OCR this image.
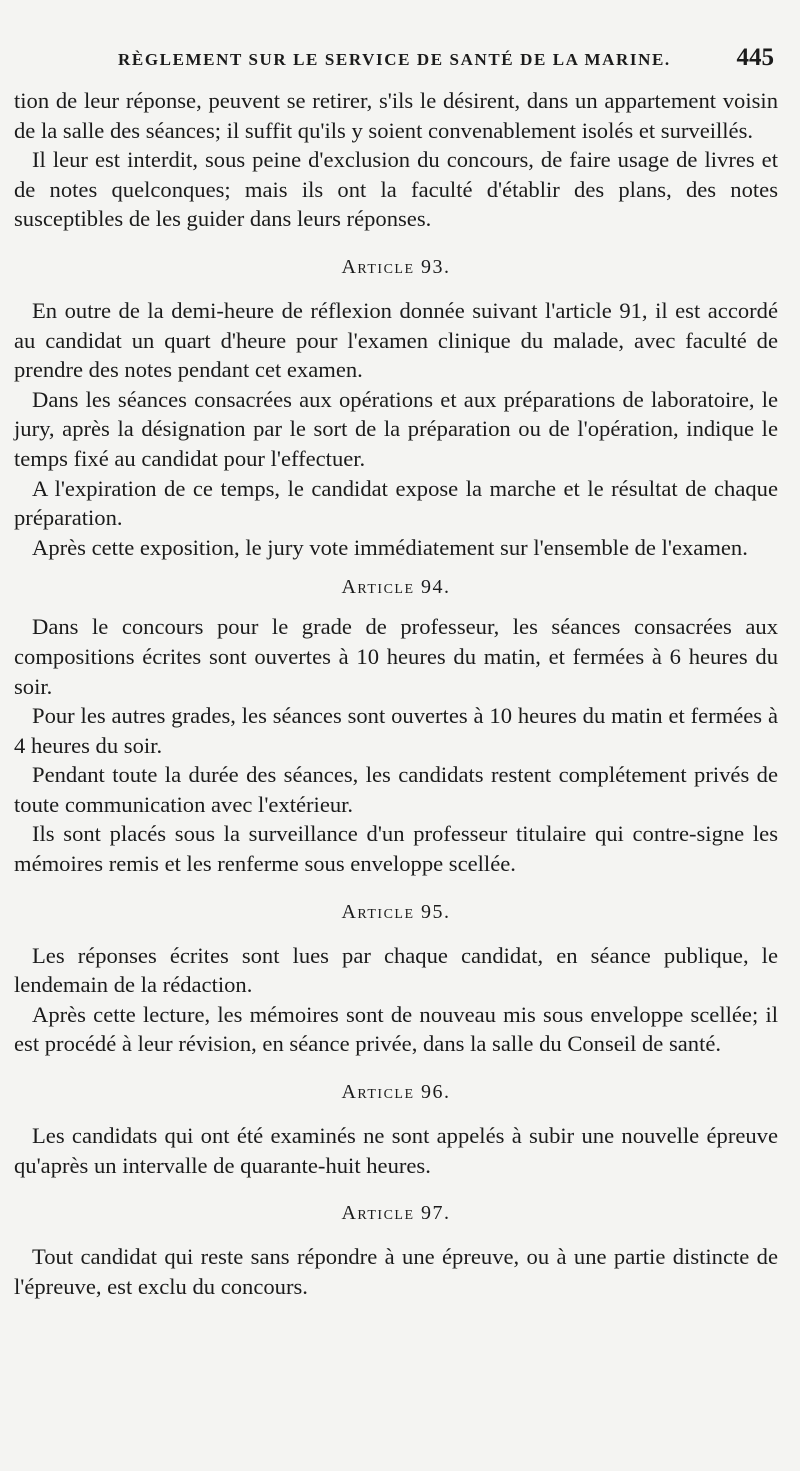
RÈGLEMENT SUR LE SERVICE DE SANTÉ DE LA MARINE.	445

tion de leur réponse, peuvent se retirer, s'ils le désirent, dans un appartement voisin de la salle des séances; il suffit qu'ils y soient convenablement isolés et surveillés.

Il leur est interdit, sous peine d'exclusion du concours, de faire usage de livres et de notes quelconques; mais ils ont la faculté d'établir des plans, des notes susceptibles de les guider dans leurs réponses.

Article 93.

En outre de la demi-heure de réflexion donnée suivant l'article 91, il est accordé au candidat un quart d'heure pour l'examen clinique du malade, avec faculté de prendre des notes pendant cet examen.

Dans les séances consacrées aux opérations et aux préparations de laboratoire, le jury, après la désignation par le sort de la préparation ou de l'opération, indique le temps fixé au candidat pour l'effectuer.

A l'expiration de ce temps, le candidat expose la marche et le résultat de chaque préparation.

Après cette exposition, le jury vote immédiatement sur l'ensemble de l'examen.

Article 94.

Dans le concours pour le grade de professeur, les séances consacrées aux compositions écrites sont ouvertes à 10 heures du matin, et fermées à 6 heures du soir.

Pour les autres grades, les séances sont ouvertes à 10 heures du matin et fermées à 4 heures du soir.

Pendant toute la durée des séances, les candidats restent complétement privés de toute communication avec l'extérieur.

Ils sont placés sous la surveillance d'un professeur titulaire qui contre-signe les mémoires remis et les renferme sous enveloppe scellée.

Article 95.

Les réponses écrites sont lues par chaque candidat, en séance publique, le lendemain de la rédaction.

Après cette lecture, les mémoires sont de nouveau mis sous enveloppe scellée; il est procédé à leur révision, en séance privée, dans la salle du Conseil de santé.

Article 96.

Les candidats qui ont été examinés ne sont appelés à subir une nouvelle épreuve qu'après un intervalle de quarante-huit heures.

Article 97.

Tout candidat qui reste sans répondre à une épreuve, ou à une partie distincte de l'épreuve, est exclu du concours.
